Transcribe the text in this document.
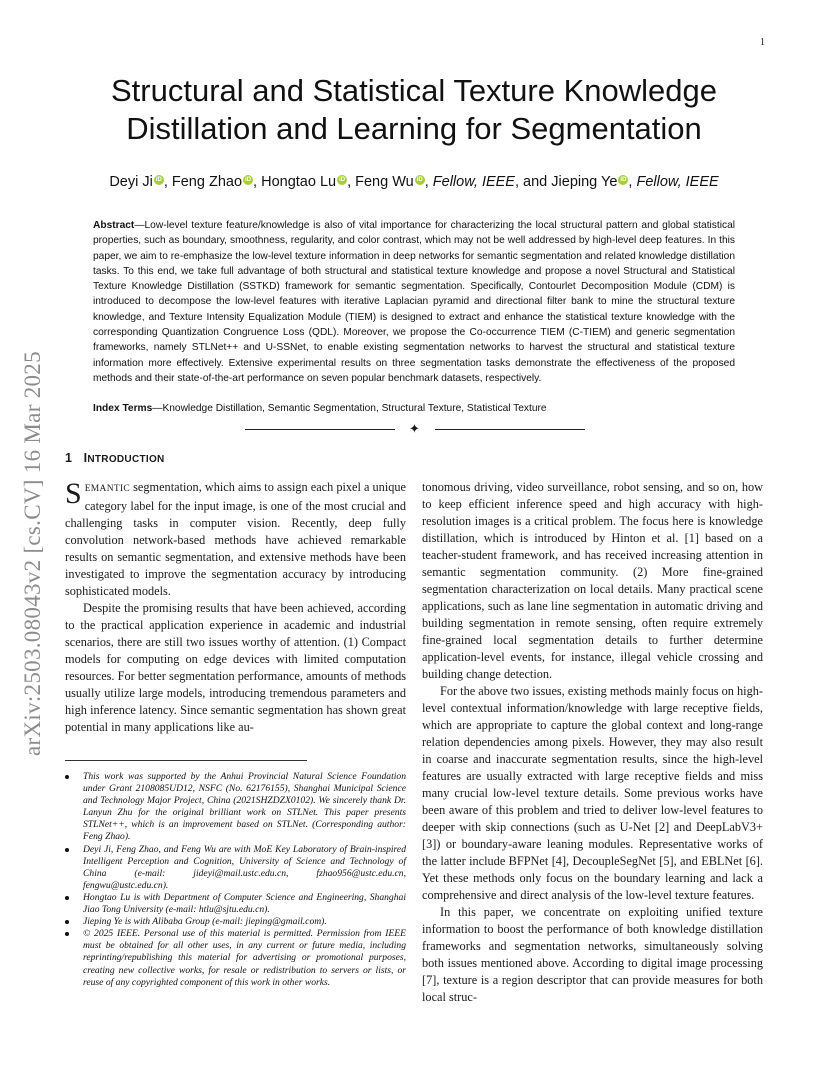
1
arXiv:2503.08043v2 [cs.CV] 16 Mar 2025
Structural and Statistical Texture Knowledge Distillation and Learning for Segmentation
Deyi Ji iD , Feng Zhao iD , Hongtao Lu iD , Feng Wu iD , Fellow, IEEE, and Jieping Ye iD , Fellow, IEEE
Abstract—Low-level texture feature/knowledge is also of vital importance for characterizing the local structural pattern and global statistical properties, such as boundary, smoothness, regularity, and color contrast, which may not be well addressed by high-level deep features. In this paper, we aim to re-emphasize the low-level texture information in deep networks for semantic segmentation and related knowledge distillation tasks. To this end, we take full advantage of both structural and statistical texture knowledge and propose a novel Structural and Statistical Texture Knowledge Distillation (SSTKD) framework for semantic segmentation. Specifically, Contourlet Decomposition Module (CDM) is introduced to decompose the low-level features with iterative Laplacian pyramid and directional filter bank to mine the structural texture knowledge, and Texture Intensity Equalization Module (TIEM) is designed to extract and enhance the statistical texture knowledge with the corresponding Quantization Congruence Loss (QDL). Moreover, we propose the Co-occurrence TIEM (C-TIEM) and generic segmentation frameworks, namely STLNet++ and U-SSNet, to enable existing segmentation networks to harvest the structural and statistical texture information more effectively. Extensive experimental results on three segmentation tasks demonstrate the effectiveness of the proposed methods and their state-of-the-art performance on seven popular benchmark datasets, respectively.
Index Terms—Knowledge Distillation, Semantic Segmentation, Structural Texture, Statistical Texture
✦
1 INTRODUCTION

SEMANTIC segmentation, which aims to assign each pixel a unique category label for the input image, is one of the most crucial and challenging tasks in computer vision. Recently, deep fully convolution network-based methods have achieved remarkable results on semantic segmentation, and extensive methods have been investigated to improve the segmentation accuracy by introducing sophisticated models.

Despite the promising results that have been achieved, according to the practical application experience in academic and industrial scenarios, there are still two issues worthy of attention. (1) Compact models for computing on edge devices with limited computation resources. For better segmentation performance, amounts of methods usually utilize large models, introducing tremendous parameters and high inference latency. Since semantic segmentation has shown great potential in many applications like au-

tonomous driving, video surveillance, robot sensing, and so on, how to keep efficient inference speed and high accuracy with high-resolution images is a critical problem. The focus here is knowledge distillation, which is introduced by Hinton et al. [1] based on a teacher-student framework, and has received increasing attention in semantic segmentation community. (2) More fine-grained segmentation characterization on local details. Many practical scene applications, such as lane line segmentation in automatic driving and building segmentation in remote sensing, often require extremely fine-grained local segmentation details to further determine application-level events, for instance, illegal vehicle crossing and building change detection.

For the above two issues, existing methods mainly focus on high-level contextual information/knowledge with large receptive fields, which are appropriate to capture the global context and long-range relation dependencies among pixels. However, they may also result in coarse and inaccurate segmentation results, since the high-level features are usually extracted with large receptive fields and miss many crucial low-level texture details. Some previous works have been aware of this problem and tried to deliver low-level features to deeper with skip connections (such as U-Net [2] and DeepLabV3+ [3]) or boundary-aware leaning modules. Representative works of the latter include BFPNet [4], DecoupleSegNet [5], and EBLNet [6]. Yet these methods only focus on the boundary learning and lack a comprehensive and direct analysis of the low-level texture features.

In this paper, we concentrate on exploiting unified texture information to boost the performance of both knowledge distillation frameworks and segmentation networks, simultaneously solving both issues mentioned above. According to digital image processing [7], texture is a region descriptor that can provide measures for both local struc-

This work was supported by the Anhui Provincial Natural Science Foundation under Grant 2108085UD12, NSFC (No. 62176155), Shanghai Municipal Science and Technology Major Project, China (2021SHZDZX0102). We sincerely thank Dr. Lanyun Zhu for the original brilliant work on STLNet. This paper presents STLNet++, which is an improvement based on STLNet. (Corresponding author: Feng Zhao).
Deyi Ji, Feng Zhao, and Feng Wu are with MoE Key Laboratory of Brain-inspired Intelligent Perception and Cognition, University of Science and Technology of China (e-mail: jideyi@mail.ustc.edu.cn, fzhao956@ustc.edu.cn, fengwu@ustc.edu.cn).
Hongtao Lu is with Department of Computer Science and Engineering, Shanghai Jiao Tong University (e-mail: htlu@sjtu.edu.cn).
Jieping Ye is with Alibaba Group (e-mail: jieping@gmail.com).
© 2025 IEEE. Personal use of this material is permitted. Permission from IEEE must be obtained for all other uses, in any current or future media, including reprinting/republishing this material for advertising or promotional purposes, creating new collective works, for resale or redistribution to servers or lists, or reuse of any copyrighted component of this work in other works.
